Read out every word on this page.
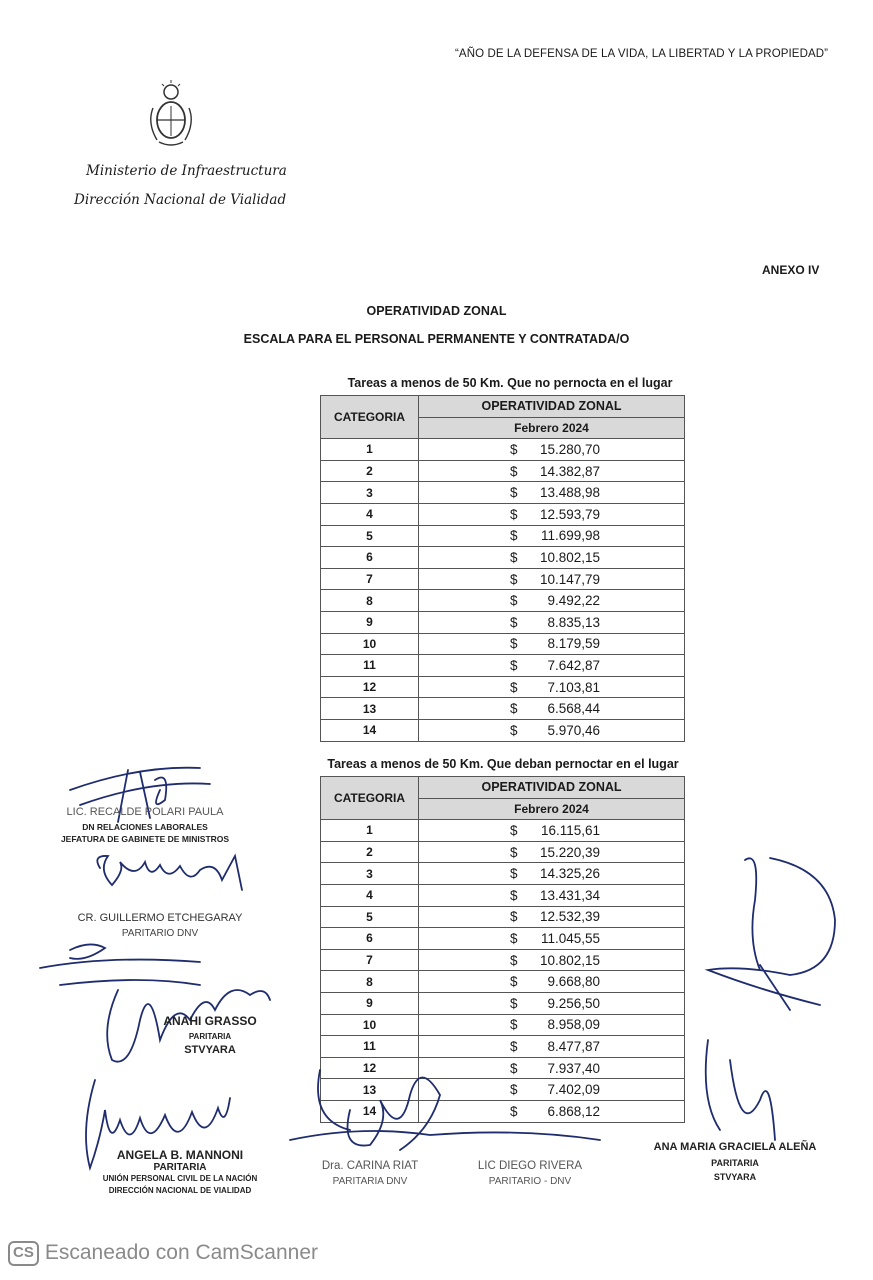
“AÑO DE LA DEFENSA DE LA VIDA, LA LIBERTAD Y LA PROPIEDAD”
Ministerio de Infraestructura
Dirección Nacional de Vialidad
ANEXO IV
OPERATIVIDAD ZONAL
ESCALA PARA EL PERSONAL PERMANENTE Y CONTRATADA/O
Tareas a menos de 50 Km. Que no pernocta en el lugar
CATEGORIA	OPERATIVIDAD ZONAL
	Febrero 2024
1	$ 15.280,70
2	$ 14.382,87
3	$ 13.488,98
4	$ 12.593,79
5	$ 11.699,98
6	$ 10.802,15
7	$ 10.147,79
8	$ 9.492,22
9	$ 8.835,13
10	$ 8.179,59
11	$ 7.642,87
12	$ 7.103,81
13	$ 6.568,44
14	$ 5.970,46
Tareas a menos de 50 Km. Que deban pernoctar en el lugar
CATEGORIA	OPERATIVIDAD ZONAL
	Febrero 2024
1	$ 16.115,61
2	$ 15.220,39
3	$ 14.325,26
4	$ 13.431,34
5	$ 12.532,39
6	$ 11.045,55
7	$ 10.802,15
8	$ 9.668,80
9	$ 9.256,50
10	$ 8.958,09
11	$ 8.477,87
12	$ 7.937,40
13	$ 7.402,09
14	$ 6.868,12
LIC. RECALDE POLARI PAULA
DN RELACIONES LABORALES
JEFATURA DE GABINETE DE MINISTROS
CR. GUILLERMO ETCHEGARAY
PARITARIO DNV
ANAHI GRASSO
PARITARIA
STVYARA
ANGELA B. MANNONI
PARITARIA
UNIÓN PERSONAL CIVIL DE LA NACIÓN
DIRECCIÓN NACIONAL DE VIALIDAD
Dra. CARINA RIAT
PARITARIA DNV
LIC DIEGO RIVERA
PARITARIO - DNV
ANA MARIA GRACIELA ALEÑA
PARITARIA
STVYARA
CS Escaneado con CamScanner
